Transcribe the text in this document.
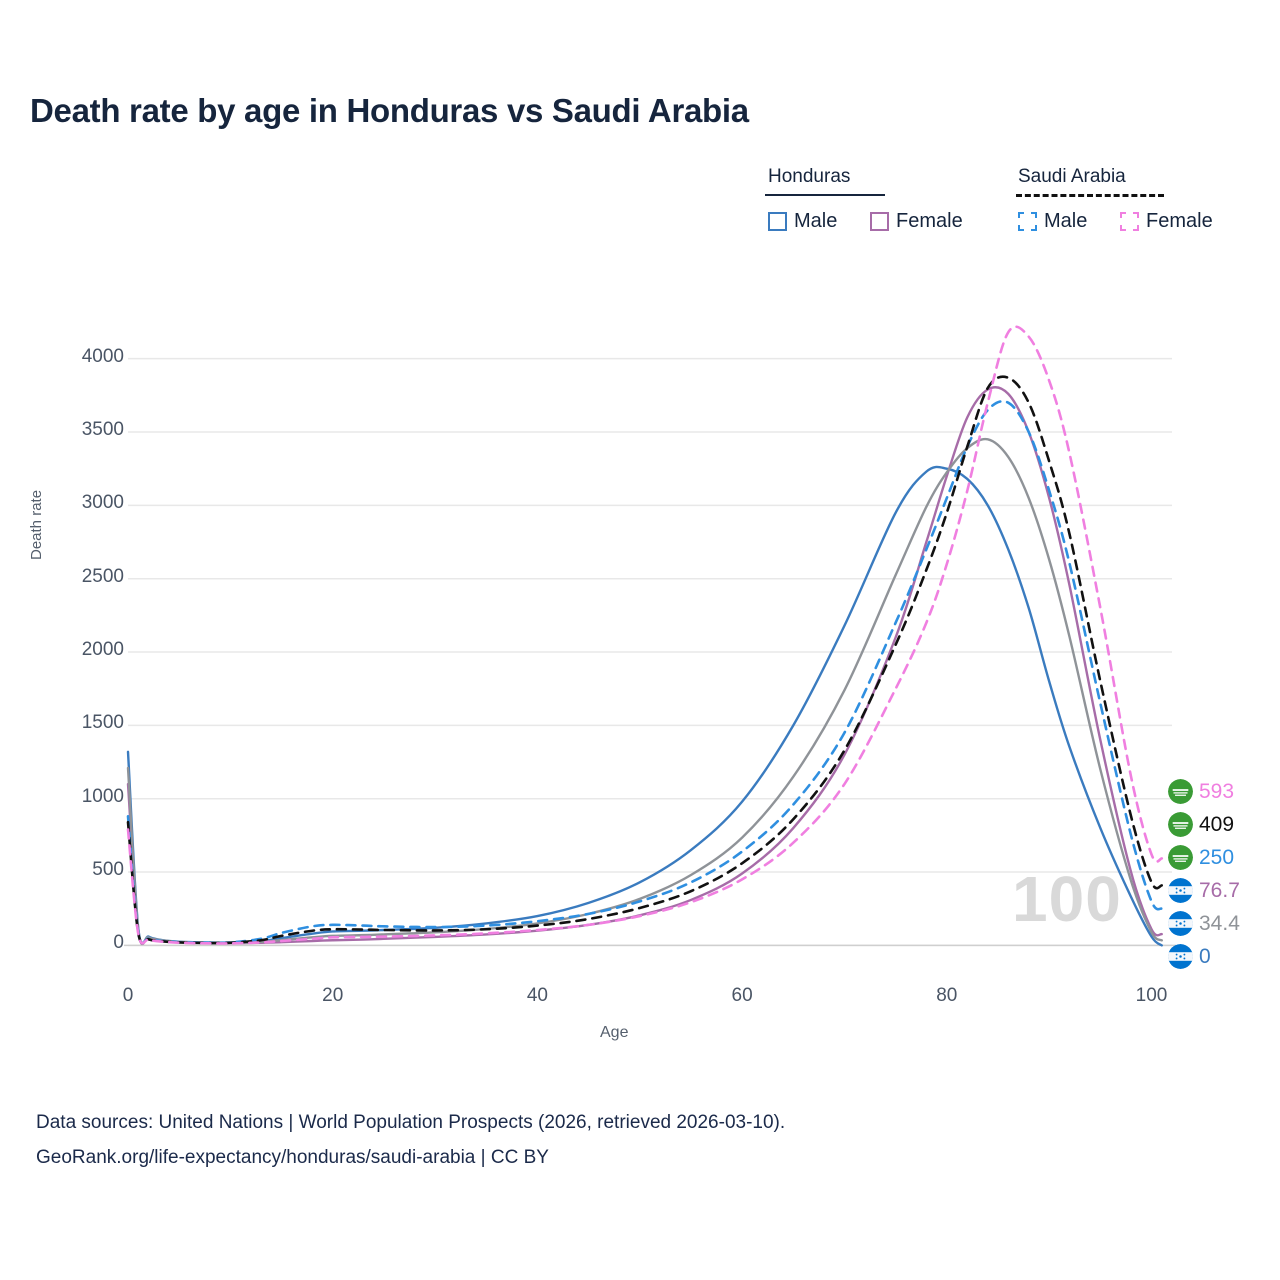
Death rate by age in Honduras vs Saudi Arabia
Honduras	Saudi Arabia
Male	Female	Male	Female
Death rate
Age
0
500
1000
1500
2000
2500
3000
3500
4000
0	20	40	60	80	100
100
593
409
250
76.7
34.4
0
Data sources: United Nations | World Population Prospects (2026, retrieved 2026-03-10).
GeoRank.org/life-expectancy/honduras/saudi-arabia | CC BY
